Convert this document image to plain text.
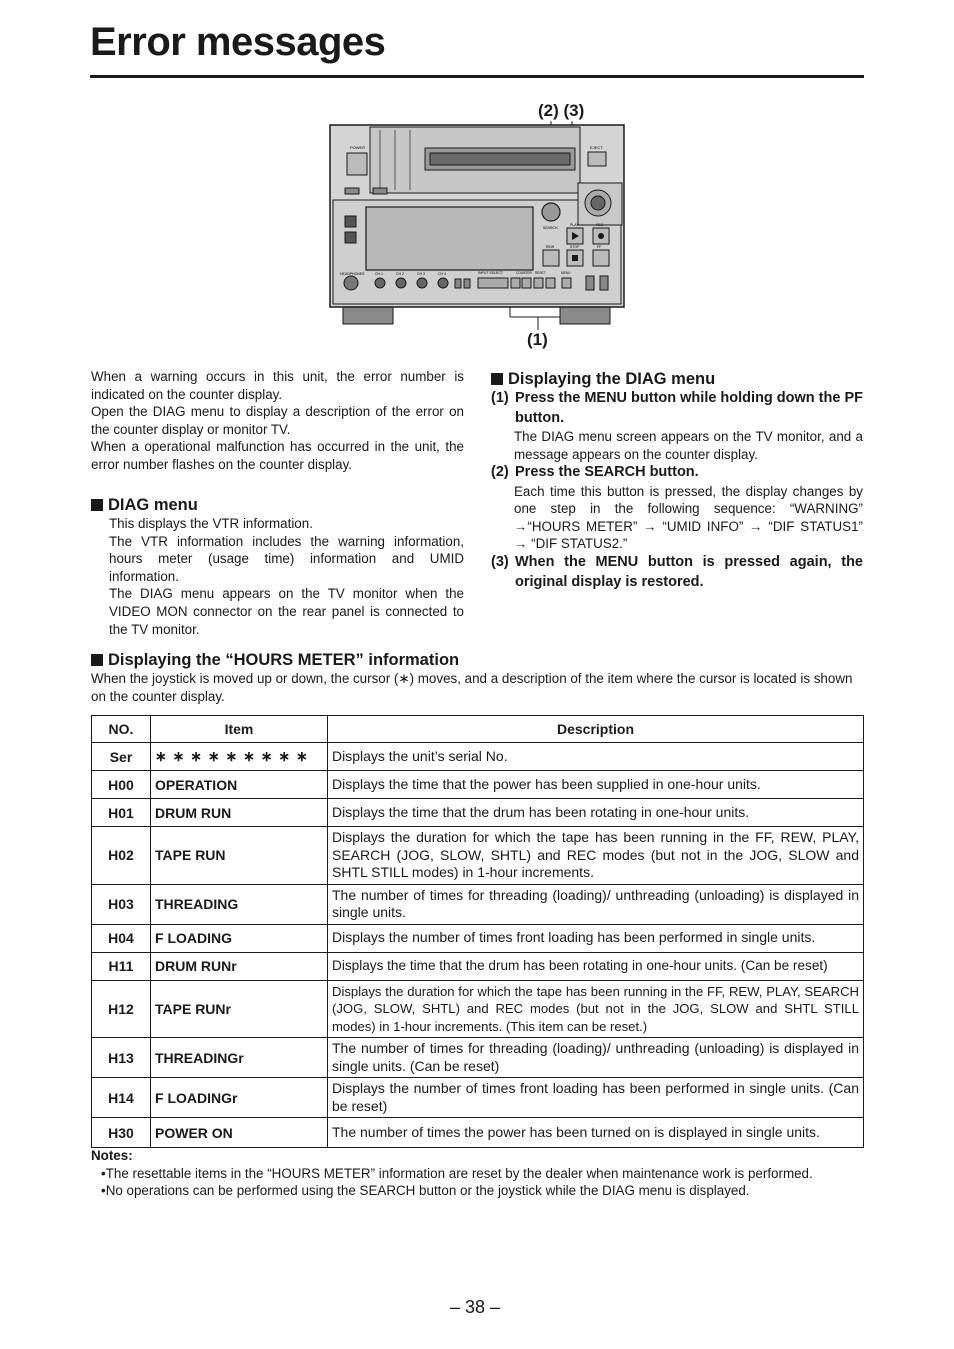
Error messages
(2) (3)
(1)
EJECT
POWER
HEADPHONES	CH 1	CH 2	CH 3	CH 4	INPUT SELECT	COUNTER RESET	MENU
SEARCH
PLAY	REC
REW	STOP	FF
When a warning occurs in this unit, the error number is indicated on the counter display.
Open the DIAG menu to display a description of the error on the counter display or monitor TV.
When a operational malfunction has occurred in the unit, the error number flashes on the counter display.
DIAG menu
This displays the VTR information.
The VTR information includes the warning information, hours meter (usage time) information and UMID information.
The DIAG menu appears on the TV monitor when the VIDEO MON connector on the rear panel is connected to the TV monitor.
Displaying the DIAG menu
(1) Press the MENU button while holding down the PF button.
The DIAG menu screen appears on the TV monitor, and a message appears on the counter display.
(2) Press the SEARCH button.
Each time this button is pressed, the display changes by one step in the following sequence: “WARNING” →“HOURS METER” → “UMID INFO” → “DIF STATUS1” → “DIF STATUS2.”
(3) When the MENU button is pressed again, the original display is restored.
Displaying the “HOURS METER” information
When the joystick is moved up or down, the cursor (∗) moves, and a description of the item where the cursor is located is shown on the counter display.
NO.	Item	Description
Ser	∗ ∗ ∗ ∗ ∗ ∗ ∗ ∗ ∗	Displays the unit’s serial No.
H00	OPERATION	Displays the time that the power has been supplied in one-hour units.
H01	DRUM RUN	Displays the time that the drum has been rotating in one-hour units.
H02	TAPE RUN	Displays the duration for which the tape has been running in the FF, REW, PLAY, SEARCH (JOG, SLOW, SHTL) and REC modes (but not in the JOG, SLOW and SHTL STILL modes) in 1-hour increments.
H03	THREADING	The number of times for threading (loading)/ unthreading (unloading) is displayed in single units.
H04	F LOADING	Displays the number of times front loading has been performed in single units.
H11	DRUM RUNr	Displays the time that the drum has been rotating in one-hour units. (Can be reset)
H12	TAPE RUNr	Displays the duration for which the tape has been running in the FF, REW, PLAY, SEARCH (JOG, SLOW, SHTL) and REC modes (but not in the JOG, SLOW and SHTL STILL modes) in 1-hour increments. (This item can be reset.)
H13	THREADINGr	The number of times for threading (loading)/ unthreading (unloading) is displayed in single units. (Can be reset)
H14	F LOADINGr	Displays the number of times front loading has been performed in single units. (Can be reset)
H30	POWER ON	The number of times the power has been turned on is displayed in single units.
Notes:
•The resettable items in the “HOURS METER” information are reset by the dealer when maintenance work is performed.
•No operations can be performed using the SEARCH button or the joystick while the DIAG menu is displayed.
– 38 –
